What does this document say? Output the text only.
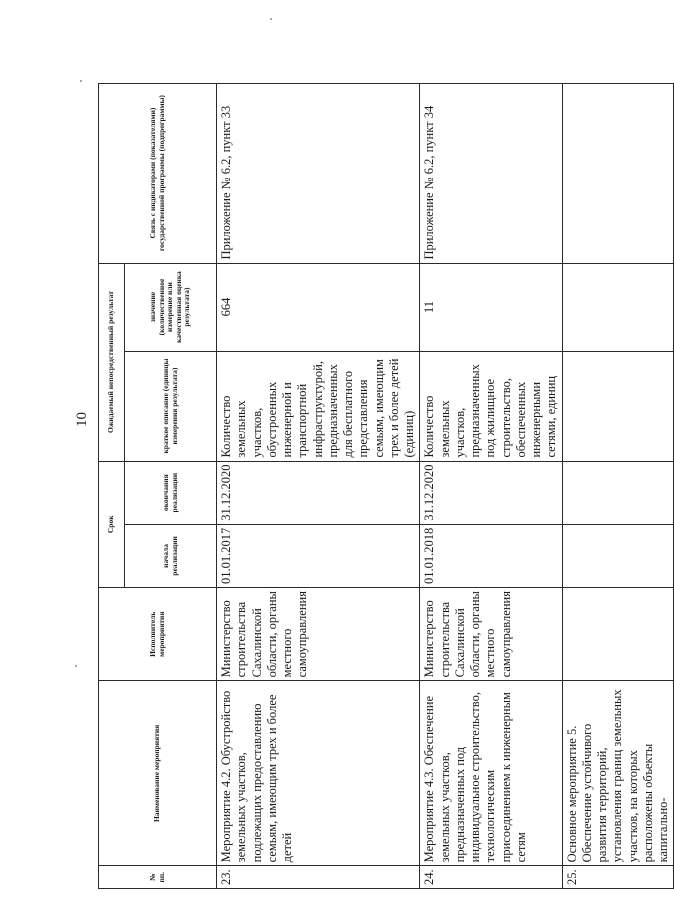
10
№ пп.	Наименование мероприятия	Исполнитель мероприятия	Срок		Ожидаемый непосредственный результат		Связь с индикаторами (показателями) государственной программы (подпрограммы)
			начала реализации	окончания реализации	краткое описание (единицы измерения результата)	значение (количественное измерение или качественная оценка результата)	
23.	Мероприятие 4.2. Обустройство земельных участков, подлежащих предоставлению семьям, имеющим трех и более детей	Министерство строительства Сахалинской области, органы местного самоуправления	01.01.2017	31.12.2020	Количество земельных участков, обустроенных инженерной и транспортной инфраструктурой, предназначенных для бесплатного представления семьям, имеющим трех и более детей (единиц)	664	Приложение № 6.2, пункт 33
24.	Мероприятие 4.3. Обеспечение земельных участков, предназначенных под индивидуальное строительство, технологическим присоединением к инженерным сетям	Министерство строительства Сахалинской области, органы местного самоуправления	01.01.2018	31.12.2020	Количество земельных участков, предназначенных под жилищное строительство, обеспеченных инженерными сетями, единиц	11	Приложение № 6.2, пункт 34
25.	Основное мероприятие 5. Обеспечение устойчивого развития территорий, установления границ земельных участков, на которых расположены объекты капитально-						
